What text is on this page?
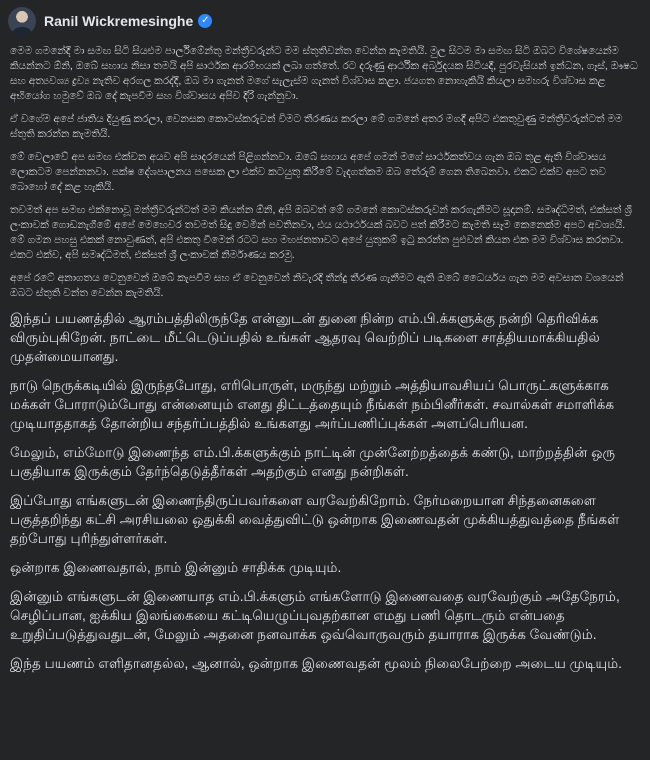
Ranil Wickremesinghe ✓

මෙම ගමනේදී මා සමඟ සිටි සියළුම පාර්ලිමේන්තු මන්ත්‍රීවරුන්ට මම ස්තුතිවන්ත වෙන්න කැමතියි. මුල සිටම මා සමඟ සිටි ඔබට විශේෂයෙන්ම කියන්නට ඕනි, ඔබේ සහාය නිසා තමයි අපි සාර්ථක ආරම්භයක් ලබා ගත්තේ. රට දරුණු ආර්ථික අර්බුදයක සිටියදී, පුරවැසියන් ඉන්ධන, ගෑස්, ඖෂධ සහ අත්‍යවශ්‍ය ද්‍රව්‍ය නැතිව අරගල කරද්දී, ඔබ මා ගැනත් මගේ සැලැස්ම ගැනත් විශ්වාස කළා. ජයගත නොහැකියි කියලා සමහරු විශ්වාස කළ අභියෝග හමුවේ ඔබ දේ කැපවීම සහ විශ්වාසය අපිව දිරි ගැන්නුවා.

ඒ වගේම අපේ ජාතිය දියුණු කරලා, වෙනසක කොටස්කරුවන් විමට තීරණය කරලා මේ ගමනේ අතර මගදී අපිට එකතුවුණු මන්ත්‍රීවරුන්ටත් මම ස්තුති කරන්න කැමතියි.

මේ වෙලාවේ අප සමඟ එක්වන අයව අපි සාදරයෙන් පිළිගන්නවා. ඔබේ සහාය අපේ ගමන් මගේ සාර්ථකත්වය ගැන ඔබ තුළ ඇති විශ්වාසය ලොකටම පෙන්නනවා. පක්ෂ දේශපාලනය පසෙක ලා එක්ව කටයුතු කිරීමේ වැදගත්කම ඔබ තේරුම් ගෙන තිබෙනවා. එකට එක්ව අපට තව බොහෝ දේ කළ හැකියි.

තවමත් අප සමඟ එක්නොවූ මන්ත්‍රීවරුන්ටත් මම කියන්න ඕනි, අපි ඔබවත් මේ ගමනේ කොටස්කරුවන් කරගැනීමට සූදානම්. සමෘද්ධිමත්, එක්සත් ශ්‍රී ලංකාවක් ගොඩනැගීමේ අපේ මෙහෙවර තවමත් සිදු වෙමින් පවතිනවා, එය යථාර්ථයක් බවට පත් කිරීමට කැමති සෑම කෙනෙක්ම අපට අවශ්‍යයි. මේ ගමන පහසු එකක් නොවුණත්, අපි එකතු වීමෙන් රටට සහ මහජනතාවට අපේ යුතුකම් ඉටු කරන්න පුළුවන් කියන එක මම විශ්වාස කරනවා. එකට එක්ව, අපි සමෘද්ධිමත්, එක්සත් ශ්‍රී ලංකාවක් නිර්මාණය කරමු.

අපේ රටේ අනාගතය වෙනුවෙන් ඔබේ කැපවීම සහ ඒ වෙනුවෙන් නිවැරදි තීන්දු තීරණ ගැනීමට ඇති ඔබේ ධෛර්යය ගැන මම අවසාන වශයෙන් ඔබට ස්තුති වන්ත වෙන්න කැමතියි.

இந்தப் பயணத்தில் ஆரம்பத்திலிருந்தே என்னுடன் துனை நின்ற எம்.பி.க்களுக்கு நன்றி தெரிவிக்க விரும்புகிறேன். நாட்டை மீட்டெடுப்பதில் உங்கள் ஆதரவு வெற்றிப் படிகளை சாத்தியமாக்கியதில் முதன்மையானது.

நாடு நெருக்கடியில் இருந்தபோது, எரிபொருள், மருந்து மற்றும் அத்தியாவசியப் பொருட்களுக்காக மக்கள் போராடும்போது என்னையும் எனது திட்டத்தையும் நீங்கள் நம்பினீர்கள். சவால்கள் சமாளிக்க முடியாததாகத் தோன்றிய சந்தர்ப்பத்தில் உங்களது அர்ப்பணிப்புக்கள் அளப்பெரியன.

மேலும், எம்மோடு இணைந்த எம்.பி.க்களுக்கும் நாட்டின் முன்னேற்றத்தைக் கண்டு, மாற்றத்தின் ஒரு பகுதியாக இருக்கும் தேர்ந்தெடுத்தீர்கள் அதற்கும் எனது நன்றிகள்.

இப்போது எங்களுடன் இணைந்திருப்பவர்களை வரவேற்கிறோம். நேர்மறையான சிந்தனைகளை பகுத்தறிந்து கட்சி அரசியலை ஒதுக்கி வைத்துவிட்டு ஒன்றாக இணைவதன் முக்கியத்துவத்தை நீங்கள் தற்போது புரிந்துள்ளர்கள்.

ஒன்றாக இணைவதால், நாம் இன்னும் சாதிக்க முடியும்.

இன்னும் எங்களுடன் இணையாத எம்.பி.க்களும் எங்களோடு இணைவதை வரவேற்கும் அதேநேரம், செழிப்பான, ஐக்கிய இலங்கையை கட்டியெழுப்புவதற்கான எமது பணி தொடரும் என்பதை உறுதிப்படுத்துவதுடன், மேலும் அதனை நனவாக்க ஒவ்வொருவரும் தயாராக இருக்க வேண்டும்.

இந்த பயணம் எளிதானதல்ல, ஆனால், ஒன்றாக இணைவதன் மூலம் நிலைபேற்றை அடைய முடியும்.
